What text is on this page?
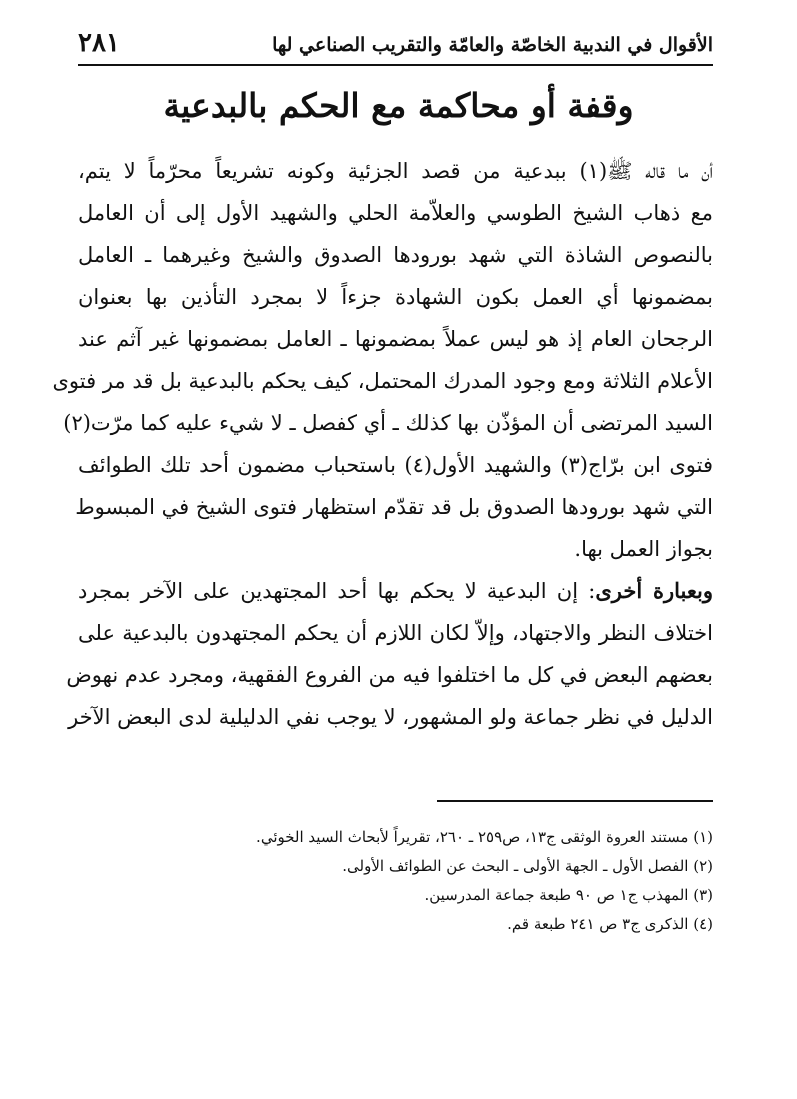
الأقوال في الندبية الخاصّة والعامّة والتقريب الصناعي لها
٢٨١
وقفة أو محاكمة مع الحكم بالبدعية
أن ما قاله ﷺ(١) ببدعية من قصد الجزئية وكونه تشريعاً محرّماً لا يتم،
مع ذهاب الشيخ الطوسي والعلاّمة الحلي والشهيد الأول إلى أن العامل
بالنصوص الشاذة التي شهد بورودها الصدوق والشيخ وغيرهما ـ العامل
بمضمونها أي العمل بكون الشهادة جزءاً لا بمجرد التأذين بها بعنوان
الرجحان العام إذ هو ليس عملاً بمضمونها ـ العامل بمضمونها غير آثم عند
الأعلام الثلاثة ومع وجود المدرك المحتمل، كيف يحكم بالبدعية بل قد مر فتوى
السيد المرتضى أن المؤذّن بها كذلك ـ أي كفصل ـ لا شيء عليه كما مرّت(٢)
فتوى ابن برّاج(٣) والشهيد الأول(٤) باستحباب مضمون أحد تلك الطوائف
التي شهد بورودها الصدوق بل قد تقدّم استظهار فتوى الشيخ في المبسوط
بجواز العمل بها.
وبعبارة أخرى: إن البدعية لا يحكم بها أحد المجتهدين على الآخر بمجرد
اختلاف النظر والاجتهاد، وإلاّ لكان اللازم أن يحكم المجتهدون بالبدعية على
بعضهم البعض في كل ما اختلفوا فيه من الفروع الفقهية، ومجرد عدم نهوض
الدليل في نظر جماعة ولو المشهور، لا يوجب نفي الدليلية لدى البعض الآخر
(١) مستند العروة الوثقى ج١٣، ص٢٥٩ ـ ٢٦٠، تقريراً لأبحاث السيد الخوئي.
(٢) الفصل الأول ـ الجهة الأولى ـ البحث عن الطوائف الأولى.
(٣) المهذب ج١ ص ٩٠ طبعة جماعة المدرسين.
(٤) الذكرى ج٣ ص ٢٤١ طبعة قم.
